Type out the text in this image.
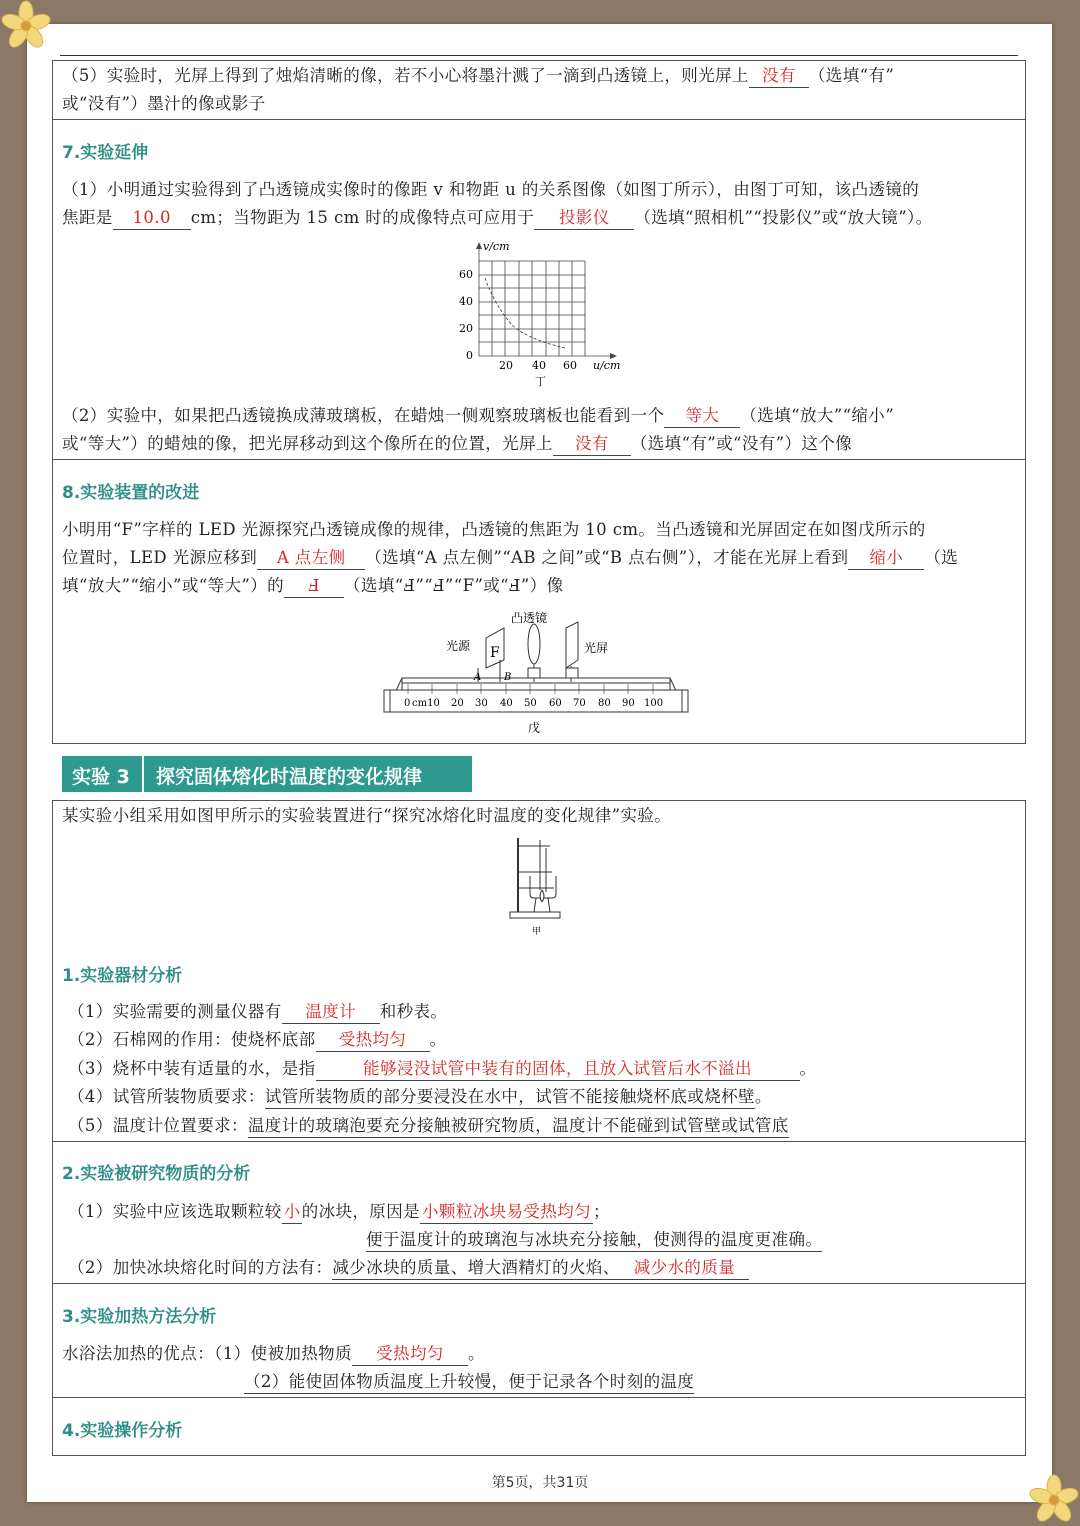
（5）实验时，光屏上得到了烛焰清晰的像，若不小心将墨汁溅了一滴到凸透镜上，则光屏上 没有 （选填“有”
或“没有”）墨汁的像或影子
7.实验延伸
（1）小明通过实验得到了凸透镜成实像时的像距 v 和物距 u 的关系图像（如图丁所示），由图丁可知，该凸透镜的
焦距是 10.0 cm；当物距为 15 cm 时的成像特点可应用于 投影仪 （选填“照相机”“投影仪”或“放大镜”）。
v/cm
60
40
20
0
20 40 60 u/cm
丁
（2）实验中，如果把凸透镜换成薄玻璃板，在蜡烛一侧观察玻璃板也能看到一个 等大 （选填“放大”“缩小”
或“等大”）的蜡烛的像，把光屏移动到这个像所在的位置，光屏上 没有 （选填“有”或“没有”）这个像
8.实验装置的改进
小明用“F”字样的 LED 光源探究凸透镜成像的规律，凸透镜的焦距为 10 cm。当凸透镜和光屏固定在如图戊所示的
位置时，LED 光源应移到 A 点左侧 （选填“A 点左侧”“AB 之间”或“B 点右侧”），才能在光屏上看到 缩小 （选
填“放大”“缩小”或“等大”）的 Ⅎ （选填“Ⅎ”“Ⅎ”“F”或“Ⅎ”）像
凸透镜
光源	光屏
F
A B
0 cm10 20 30 40 50 60 70 80 90 100
戊
实验 3 探究固体熔化时温度的变化规律
某实验小组采用如图甲所示的实验装置进行“探究冰熔化时温度的变化规律”实验。
甲
1.实验器材分析
（1）实验需要的测量仪器有 温度计 和秒表。
（2）石棉网的作用：使烧杯底部 受热均匀 。
（3）烧杯中装有适量的水，是指	能够浸没试管中装有的固体，且放入试管后水不溢出	。
（4）试管所装物质要求：试管所装物质的部分要浸没在水中，试管不能接触烧杯底或烧杯壁。
（5）温度计位置要求：温度计的玻璃泡要充分接触被研究物质，温度计不能碰到试管壁或试管底
2.实验被研究物质的分析
（1）实验中应该选取颗粒较 小的冰块，原因是 小颗粒冰块易受热均匀 ；
便于温度计的玻璃泡与冰块充分接触，使测得的温度更准确。
（2）加快冰块熔化时间的方法有：减少冰块的质量、增大酒精灯的火焰、 减少水的质量
3.实验加热方法分析
水浴法加热的优点：（1）使被加热物质 受热均匀 。
（2）能使固体物质温度上升较慢，便于记录各个时刻的温度
4.实验操作分析
第5页，共31页
